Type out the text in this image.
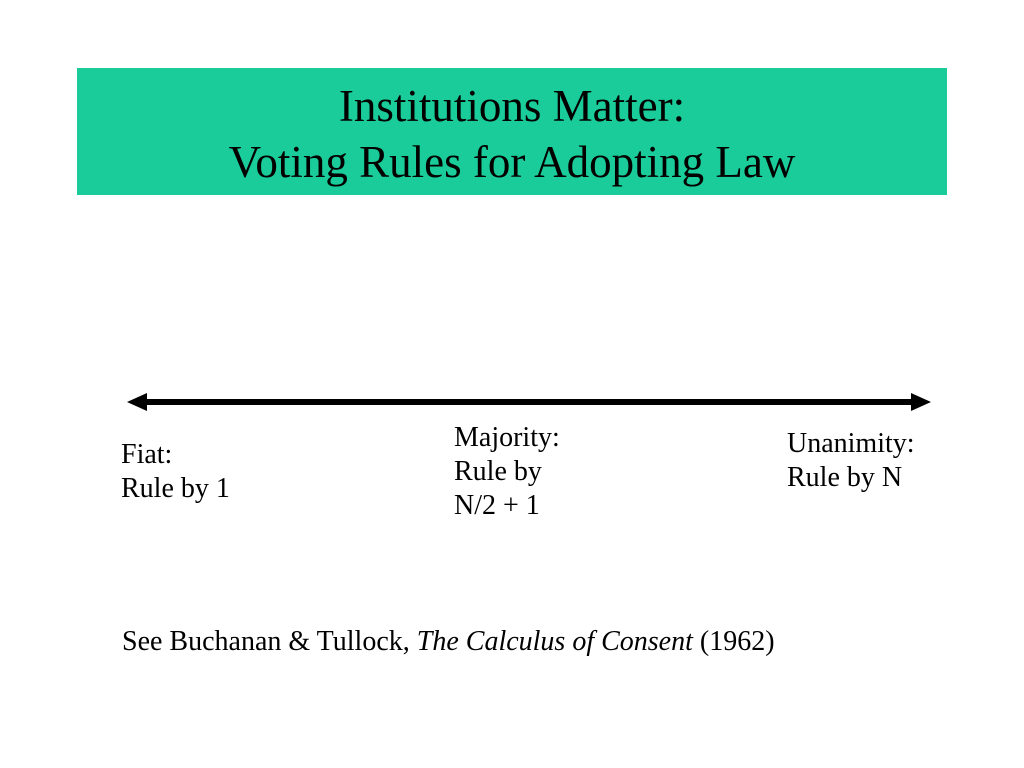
Institutions Matter:
Voting Rules for Adopting Law
Fiat:
Rule by 1
Majority:
Rule by
N/2 + 1
Unanimity:
Rule by N
See Buchanan & Tullock, The Calculus of Consent (1962)
